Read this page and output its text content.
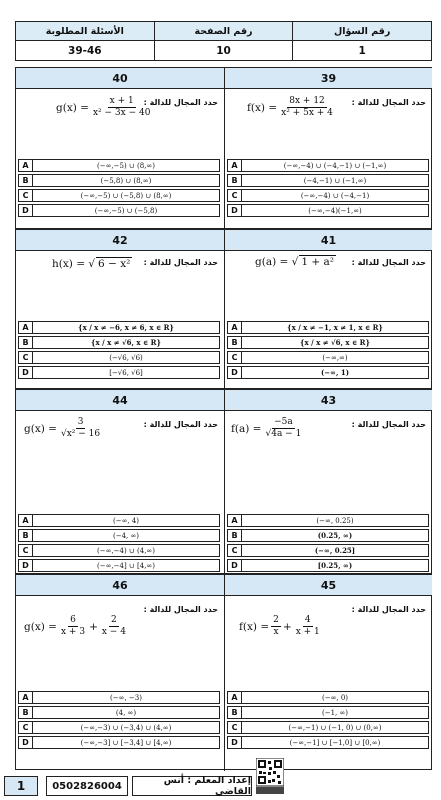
رقم السؤال
1
رقم الصفحة
10
الأسئلة المطلوبة
39-46
39
حدد المجال للدالة :
$f(x) = \frac{8x + 12}{\text{x² + 5x + 4}}$
A	(−∞,−4) ∪ (−4,−1) ∪ (−1,∞)
B	(−4,−1) ∪ (−1,∞)
C	(−∞,−4) ∪ (−4,−1)
D	(−∞,−4)(−1,∞)
40
حدد المجال للدالة :
$g(x) = \frac{x + 1}{\text{x² − 3x − 40}}$
A	(−∞,−5) ∪ (8,∞)
B	(−5,8) ∪ (8,∞)
C	(−∞,−5) ∪ (−5,8) ∪ (8,∞)
D	(−∞,−5) ∪ (−5,8)
41
حدد المجال للدالة :
g(a) = √ 1 + a²
A	{x / x ≠ −1, x ≠ 1, x ∈ R}
B	{x / x ≠ √6, x ∈ R}
C	(−∞,∞)
D	(−∞, 1)
42
حدد المجال للدالة :
h(x) = √ 6 − x²
A	{x / x ≠ −6, x ≠ 6, x ∈ R}
B	{x / x ≠ √6, x ∈ R}
C	(−√6, √6)
D	[−√6, √6]
43
حدد المجال للدالة :
$f(a) = \frac{-5a}{√4a - 1}$
A	(−∞, 0.25)
B	(0.25, ∞)
C	(−∞, 0.25]
D	[0.25, ∞)
44
حدد المجال للدالة :
$g(x) = \frac{3}{\text{√x² − 16}}$
A	(−∞, 4)
B	(−4, ∞)
C	(−∞,−4) ∪ (4,∞)
D	(−∞,−4] ∪ [4,∞)
45
حدد المجال للدالة :
$f(x) = \frac{2}{x} + \frac{4}{x + 1}$
A	(−∞, 0)
B	(−1, ∞)
C	(−∞,−1) ∪ (−1, 0) ∪ (0,∞)
D	(−∞,−1] ∪ [−1,0] ∪ [0,∞)
46
حدد المجال للدالة :
$g(x) = \frac{6}{x + 3} + \frac{2}{x - 4}$
A	(−∞, −3)
B	(4, ∞)
C	(−∞,−3) ∪ (−3,4) ∪ (4,∞)
D	(−∞,−3] ∪ [−3,4] ∪ [4,∞)
1	0502826004	إعداد المعلم : أنس القاضي
